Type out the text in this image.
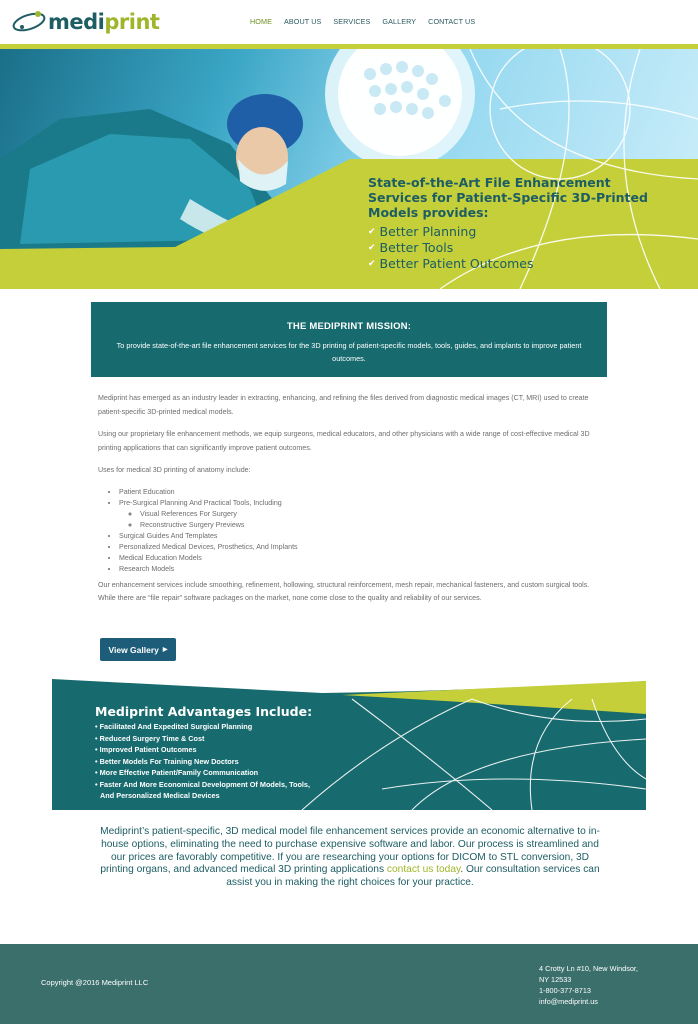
mediprint	HOME ABOUT US SERVICES GALLERY CONTACT US
State-of-the-Art File Enhancement Services for Patient-Specific 3D-Printed Models provides:
✔ Better Planning
✔ Better Tools
✔ Better Patient Outcomes
THE MEDIPRINT MISSION:

To provide state-of-the-art file enhancement services for the 3D printing of patient-specific models, tools, guides, and implants to improve patient outcomes.

Mediprint has emerged as an industry leader in extracting, enhancing, and refining the files derived from diagnostic medical images (CT, MRI) used to create patient-specific 3D-printed medical models.

Using our proprietary file enhancement methods, we equip surgeons, medical educators, and other physicians with a wide range of cost-effective medical 3D printing applications that can significantly improve patient outcomes.

Uses for medical 3D printing of anatomy include:

• Patient Education
• Pre-Surgical Planning And Practical Tools, Including
◦ Visual References For Surgery
◦ Reconstructive Surgery Previews
• Surgical Guides And Templates
• Personalized Medical Devices, Prosthetics, And Implants
• Medical Education Models
• Research Models

Our enhancement services include smoothing, refinement, hollowing, structural reinforcement, mesh repair, mechanical fasteners, and custom surgical tools. While there are “file repair” software packages on the market, none come close to the quality and reliability of our services.

View Gallery ▶
Mediprint Advantages Include:
• Facilitated And Expedited Surgical Planning
• Reduced Surgery Time & Cost
• Improved Patient Outcomes
• Better Models For Training New Doctors
• More Effective Patient/Family Communication
• Faster And More Economical Development Of Models, Tools, And Personalized Medical Devices
Mediprint’s patient-specific, 3D medical model file enhancement services provide an economic alternative to in-house options, eliminating the need to purchase expensive software and labor. Our process is streamlined and our prices are favorably competitive. If you are researching your options for DICOM to STL conversion, 3D printing organs, and advanced medical 3D printing applications contact us today. Our consultation services can assist you in making the right choices for your practice.
Copyright @2016 Mediprint LLC
4 Crotty Ln #10, New Windsor,
NY 12533
1-800-377-8713
info@mediprint.us
